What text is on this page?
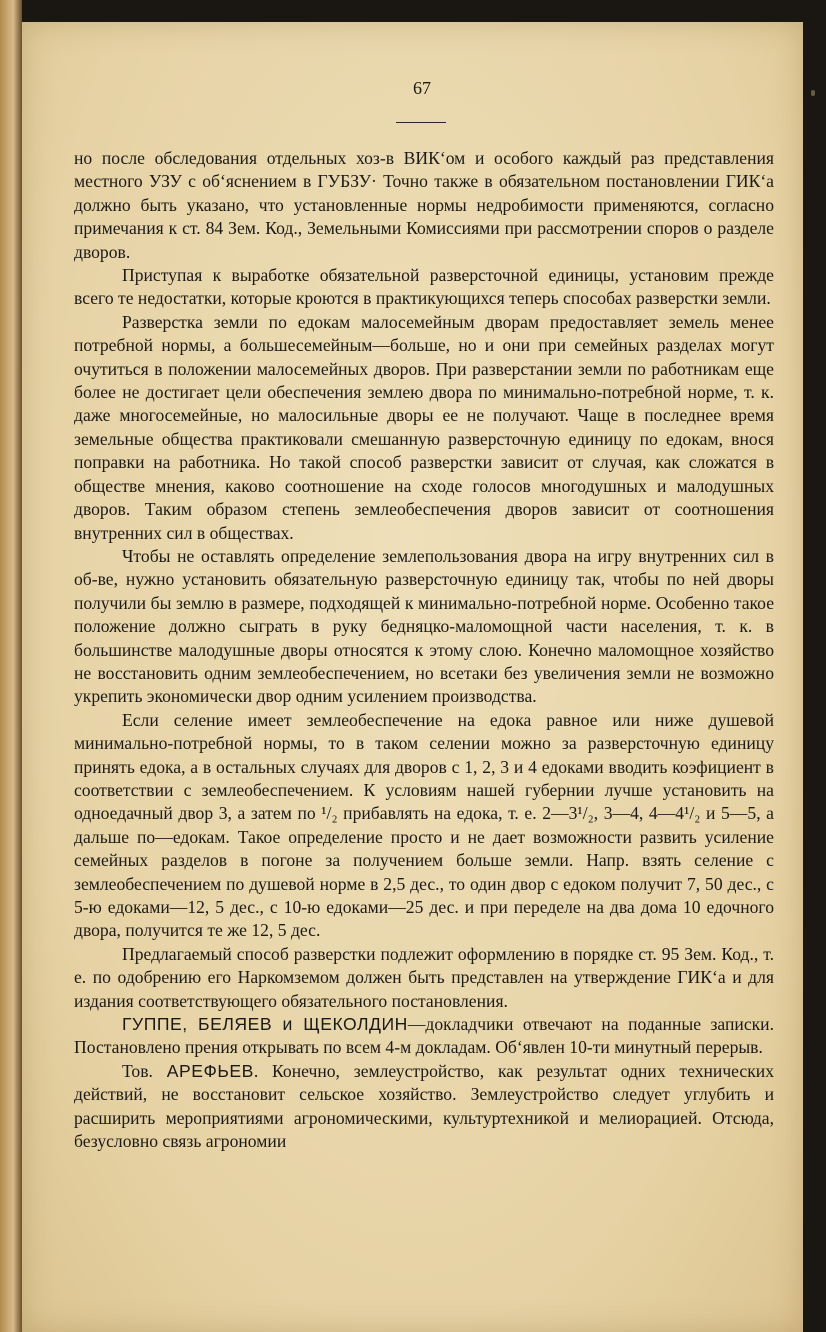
67

но после обследования отдельных хоз-в ВИК‘ом и особого каждый раз представления местного УЗУ с об‘яснением в ГУБЗУ· Точно также в обязательном постановлении ГИК‘а должно быть указано, что установленные нормы недробимости применяются, согласно примечания к ст. 84 Зем. Код., Земельными Комиссиями при рассмотрении споров о разделе дворов.

Приступая к выработке обязательной разверсточной единицы, установим прежде всего те недостатки, которые кроются в практикующихся теперь способах разверстки земли.

Разверстка земли по едокам малосемейным дворам предоставляет земель менее потребной нормы, а большесемейным—больше, но и они при семейных разделах могут очутиться в положении малосемейных дворов. При разверстании земли по работникам еще более не достигает цели обеспечения землею двора по минимально-потребной норме, т. к. даже многосемейные, но малосильные дворы ее не получают. Чаще в последнее время земельные общества практиковали смешанную разверсточную единицу по едокам, внося поправки на работника. Но такой способ разверстки зависит от случая, как сложатся в обществе мнения, каково соотношение на сходе голосов многодушных и малодушных дворов. Таким образом степень землеобеспечения дворов зависит от соотношения внутренних сил в обществах.

Чтобы не оставлять определение землепользования двора на игру внутренних сил в об-ве, нужно установить обязательную разверсточную единицу так, чтобы по ней дворы получили бы землю в размере, подходящей к минимально-потребной норме. Особенно такое положение должно сыграть в руку бедняцко-маломощной части населения, т. к. в большинстве малодушные дворы относятся к этому слою. Конечно маломощное хозяйство не восстановить одним землеобеспечением, но всетаки без увеличения земли не возможно укрепить экономически двор одним усилением производства.

Если селение имеет землеобеспечение на едока равное или ниже душевой минимально-потребной нормы, то в таком селении можно за разверсточную единицу принять едока, а в остальных случаях для дворов с 1, 2, 3 и 4 едоками вводить коэфициент в соответствии с землеобеспечением. К условиям нашей губернии лучше установить на одноедачный двор 3, а затем по ¹/₂ прибавлять на едока, т. е. 2—3¹/₂, 3—4, 4—4¹/₂ и 5—5, а дальше по—едокам. Такое определение просто и не дает возможности развить усиление семейных разделов в погоне за получением больше земли. Напр. взять селение с землеобеспечением по душевой норме в 2,5 дес., то один двор с едоком получит 7, 50 дес., с 5-ю едоками—12, 5 дес., с 10-ю едоками—25 дес. и при переделе на два дома 10 едочного двора, получится те же 12, 5 дес.

Предлагаемый способ разверстки подлежит оформлению в порядке ст. 95 Зем. Код., т. е. по одобрению его Наркомземом должен быть представлен на утверждение ГИК‘а и для издания соответствующего обязательного постановления.

ГУППЕ, БЕЛЯЕВ и ЩЕКОЛДИН—докладчики отвечают на поданные записки. Постановлено прения открывать по всем 4-м докладам. Об‘явлен 10-ти минутный перерыв.

Тов. АРЕФЬЕВ. Конечно, землеустройство, как результат одних технических действий, не восстановит сельское хозяйство. Землеустройство следует углубить и расширить мероприятиями агрономическими, культуртехникой и мелиорацией. Отсюда, безусловно связь агрономии
